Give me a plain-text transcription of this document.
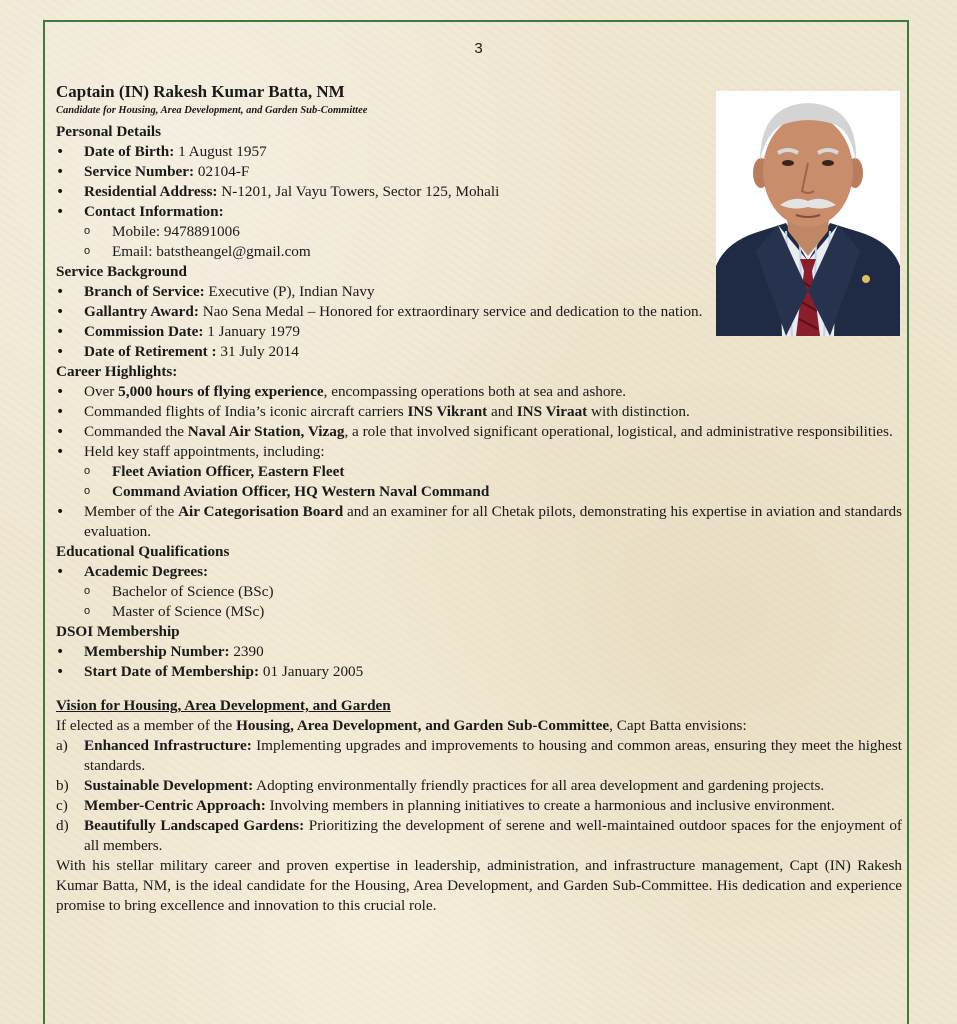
3
Captain (IN) Rakesh Kumar Batta, NM
Candidate for Housing, Area Development, and Garden Sub-Committee
Personal Details
• Date of Birth: 1 August 1957
• Service Number: 02104-F
• Residential Address: N-1201, Jal Vayu Towers, Sector 125, Mohali
• Contact Information:
o Mobile: 9478891006
o Email: batstheangel@gmail.com
Service Background
• Branch of Service: Executive (P), Indian Navy
• Gallantry Award: Nao Sena Medal – Honored for extraordinary service and dedication to the nation.
• Commission Date: 1 January 1979
• Date of Retirement : 31 July 2014
Career Highlights:
• Over 5,000 hours of flying experience, encompassing operations both at sea and ashore.
• Commanded flights of India’s iconic aircraft carriers INS Vikrant and INS Viraat with distinction.
• Commanded the Naval Air Station, Vizag, a role that involved significant operational, logistical, and administrative responsibilities.
• Held key staff appointments, including:
o Fleet Aviation Officer, Eastern Fleet
o Command Aviation Officer, HQ Western Naval Command
• Member of the Air Categorisation Board and an examiner for all Chetak pilots, demonstrating his expertise in aviation and standards evaluation.
Educational Qualifications
• Academic Degrees:
o Bachelor of Science (BSc)
o Master of Science (MSc)
DSOI Membership
• Membership Number: 2390
• Start Date of Membership: 01 January 2005
Vision for Housing, Area Development, and Garden
If elected as a member of the Housing, Area Development, and Garden Sub-Committee, Capt Batta envisions:
a) Enhanced Infrastructure: Implementing upgrades and improvements to housing and common areas, ensuring they meet the highest standards.
b) Sustainable Development: Adopting environmentally friendly practices for all area development and gardening projects.
c) Member-Centric Approach: Involving members in planning initiatives to create a harmonious and inclusive environment.
d) Beautifully Landscaped Gardens: Prioritizing the development of serene and well-maintained outdoor spaces for the enjoyment of all members.
With his stellar military career and proven expertise in leadership, administration, and infrastructure management, Capt (IN) Rakesh Kumar Batta, NM, is the ideal candidate for the Housing, Area Development, and Garden Sub-Committee. His dedication and experience promise to bring excellence and innovation to this crucial role.
